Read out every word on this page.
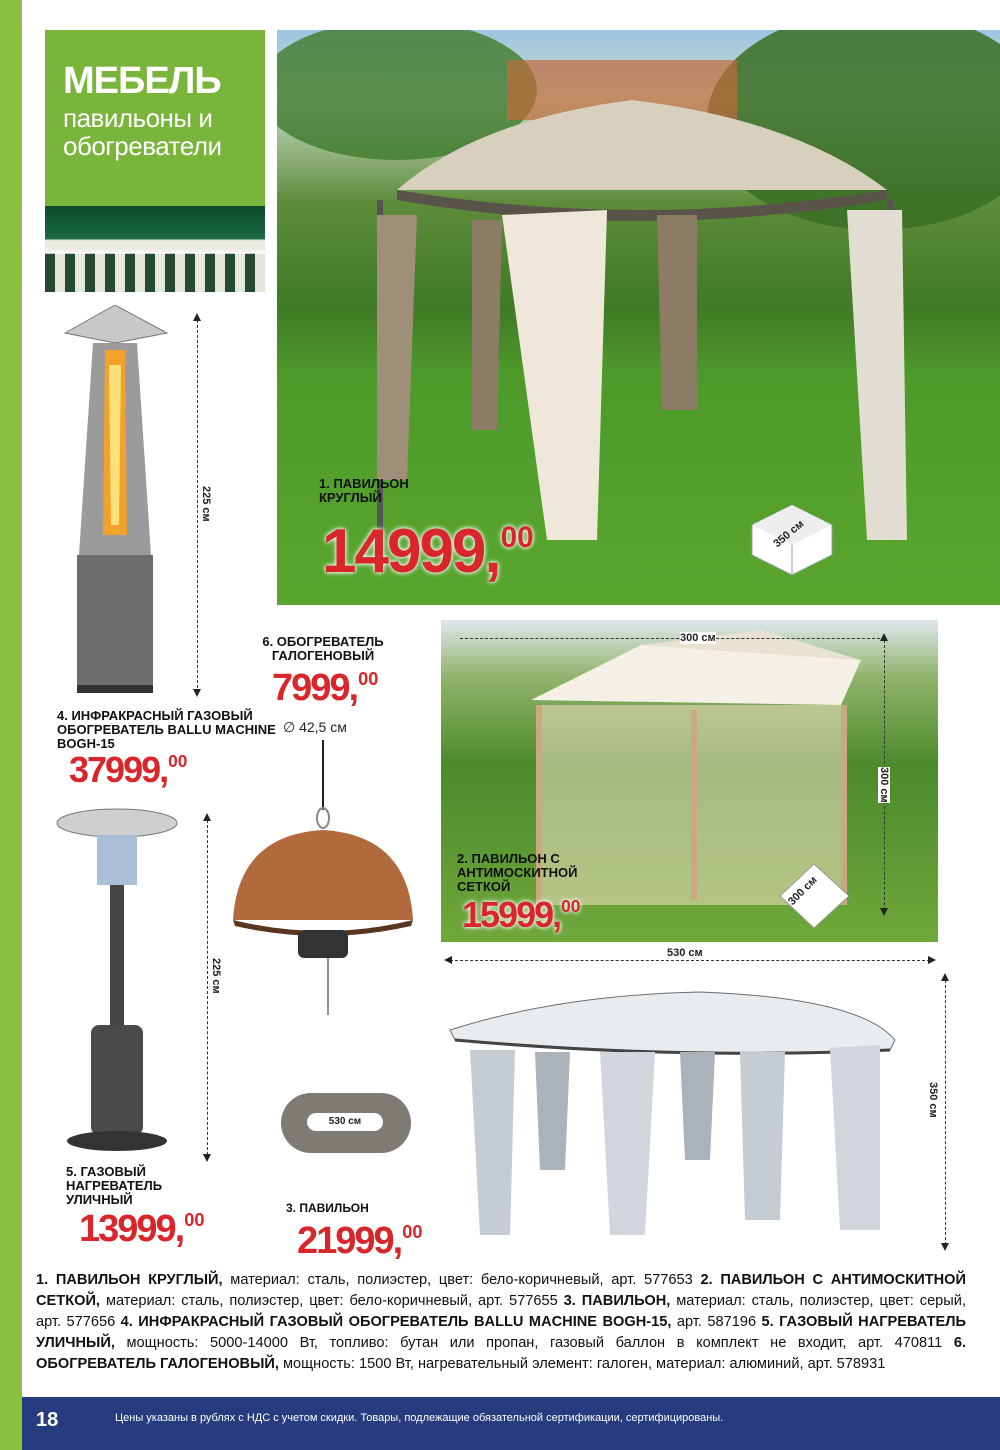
МЕБЕЛЬ
павильоны и обогреватели
1. ПАВИЛЬОН КРУГЛЫЙ
14999,00	350 см
225 см
4. ИНФРАКРАСНЫЙ ГАЗОВЫЙ ОБОГРЕВАТЕЛЬ BALLU MACHINE BOGH-15
37999,00
6. ОБОГРЕВАТЕЛЬ ГАЛОГЕНОВЫЙ
7999,00
∅ 42,5 см
225 см
5. ГАЗОВЫЙ НАГРЕВАТЕЛЬ УЛИЧНЫЙ
13999,00
300 см
300 см
300 см
2. ПАВИЛЬОН С АНТИМОСКИТНОЙ СЕТКОЙ
15999,00
530 см
350 см
530 см
3. ПАВИЛЬОН
21999,00
1. ПАВИЛЬОН КРУГЛЫЙ, материал: сталь, полиэстер, цвет: бело-коричневый, арт. 577653 2. ПАВИЛЬОН С АНТИМОСКИТНОЙ СЕТКОЙ, материал: сталь, полиэстер, цвет: бело-коричневый, арт. 577655 3. ПАВИЛЬОН, материал: сталь, полиэстер, цвет: серый, арт. 577656 4. ИНФРАКРАСНЫЙ ГАЗОВЫЙ ОБОГРЕВАТЕЛЬ BALLU MACHINE BOGH-15, арт. 587196 5. ГАЗОВЫЙ НАГРЕВАТЕЛЬ УЛИЧНЫЙ, мощность: 5000-14000 Вт, топливо: бутан или пропан, газовый баллон в комплект не входит, арт. 470811 6. ОБОГРЕВАТЕЛЬ ГАЛОГЕНОВЫЙ, мощность: 1500 Вт, нагревательный элемент: галоген, материал: алюминий, арт. 578931
18	Цены указаны в рублях с НДС с учетом скидки. Товары, подлежащие обязательной сертификации, сертифицированы.
